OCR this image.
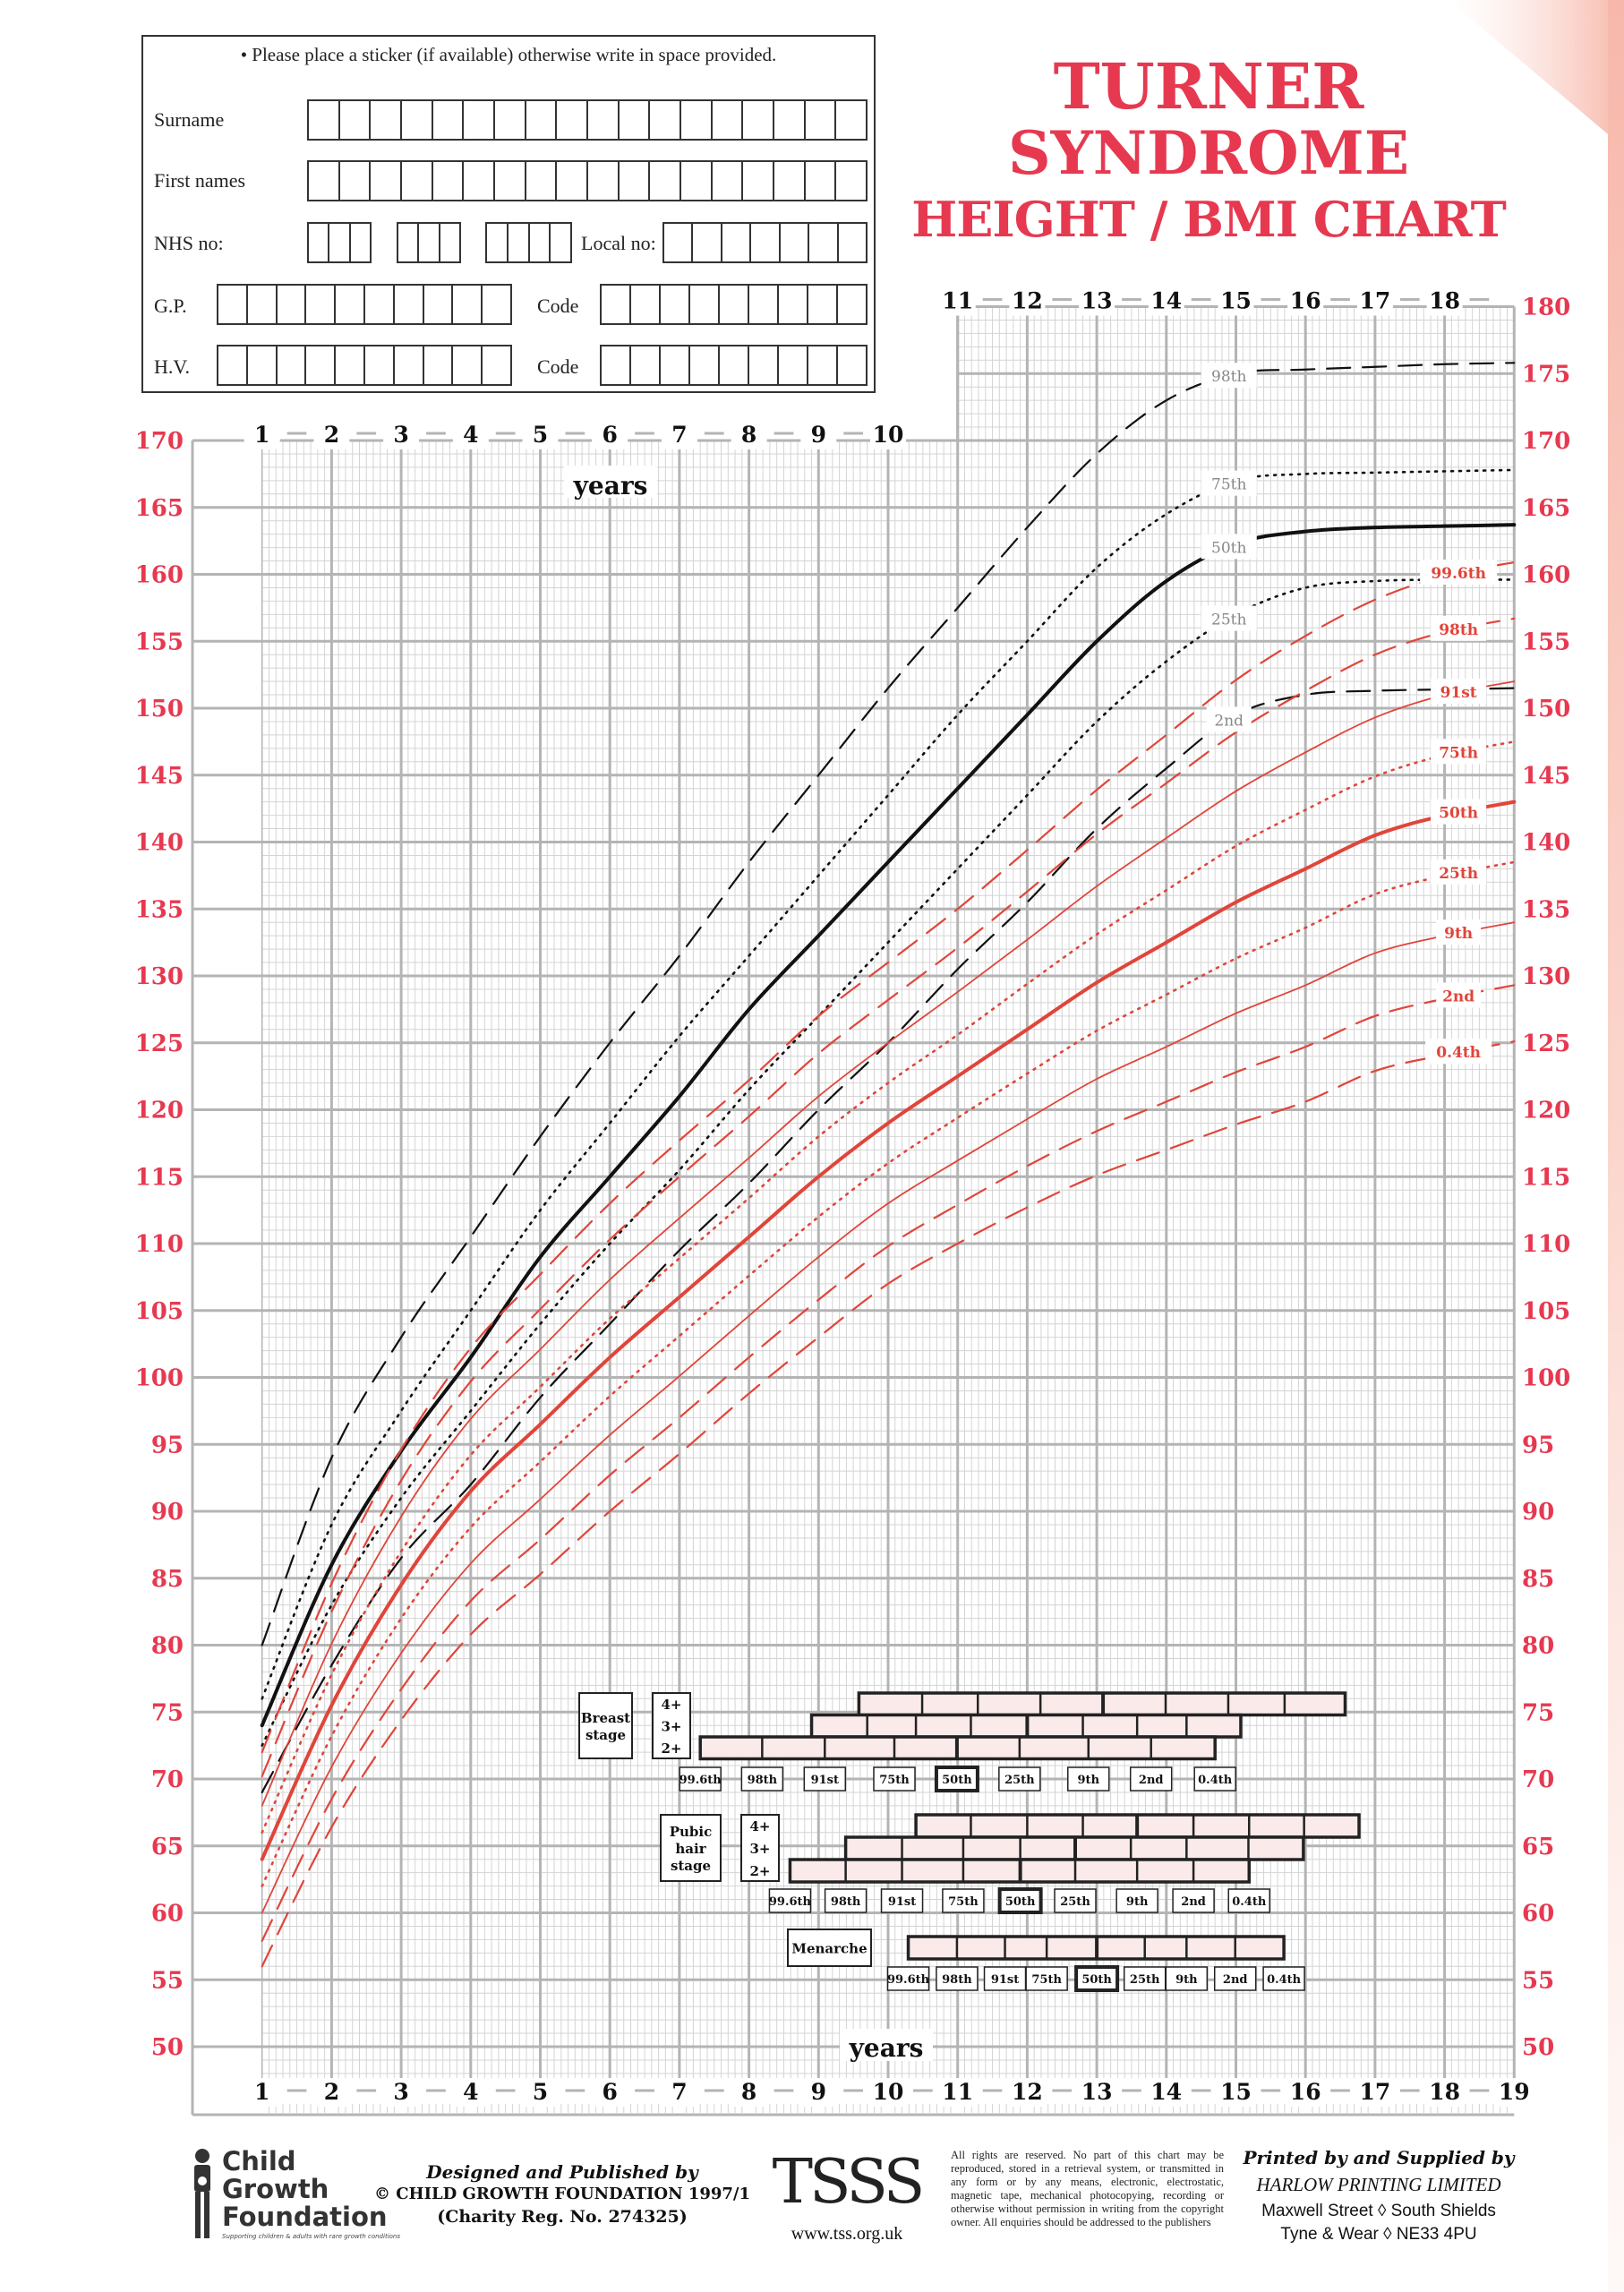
50
55
60
65
70
75
80
85
90
95
100
105
110
115
120
125
130
135
140
145
150
155
160
165
170
50
55
60
65
70
75
80
85
90
95
100
105
110
115
120
125
130
135
140
145
150
155
160
165
170
175
180
1 2 3 4 5 6 7 8 9 10
11 12 13 14 15 16 17 18
1 2 3 4 5 6 7 8 9 10 11 12 13 14 15 16 17 18 19
years
years
98th
75th
50th
25th
2nd
99.6th
98th
91st
75th
50th
25th
9th
2nd
0.4th
Breast
stage
4+
3+
2+
99.6th 98th	91st	75th	50th	25th	9th	2nd	0.4th
Pubic
hair
stage
4+
3+
2+
99.6th 98th 91st	75th 50th 25th	9th	2nd 0.4th
Menarche
99.6th 98th 91st 75th 50th 25th 9th 2nd 0.4th
• Please place a sticker (if available) otherwise write in space provided.
Surname
First names
NHS no:	Local no:
G.P.	Code
H.V.	Code
TURNER
SYNDROME
HEIGHT / BMI CHART
Child
Growth
Foundation
Supporting children & adults with rare growth conditions
Designed and Published by
© CHILD GROWTH FOUNDATION 1997/1
(Charity Reg. No. 274325)	TSSS
www.tss.org.uk
All rights are reserved. No part of this chart may be reproduced, stored in a retrieval system, or transmitted in any form or by any means, electronic, electrostatic, magnetic tape, mechanical photocopying, recording or otherwise without permission in writing from the copyright owner. All enquiries should be addressed to the publishers
Printed by and Supplied by
HARLOW PRINTING LIMITED
Maxwell Street ◊ South Shields
Tyne & Wear ◊ NE33 4PU
